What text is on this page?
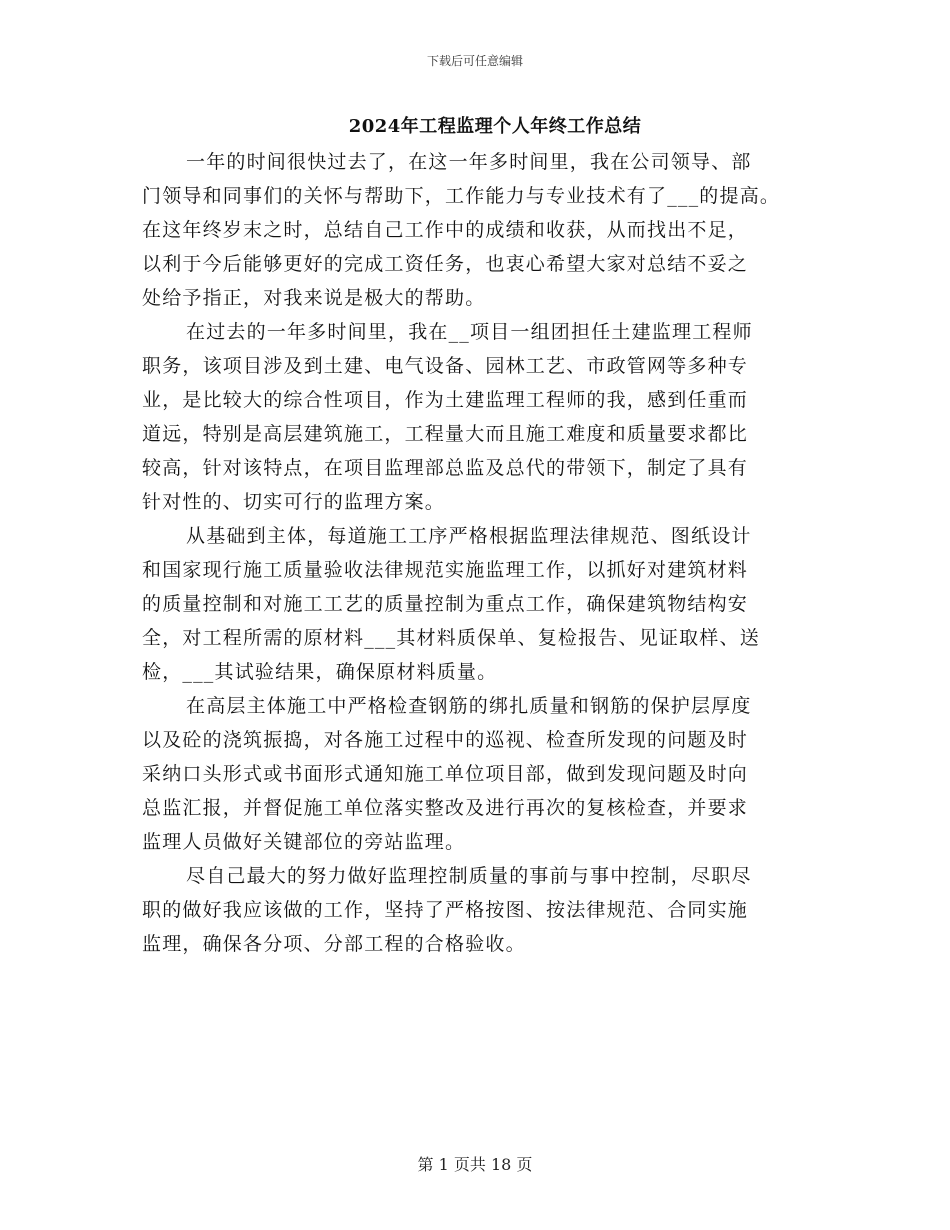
下载后可任意编辑
2024年工程监理个人年终工作总结
一年的时间很快过去了，在这一年多时间里，我在公司领导、部
门领导和同事们的关怀与帮助下，工作能力与专业技术有了___的提高。
在这年终岁末之时，总结自己工作中的成绩和收获，从而找出不足，
以利于今后能够更好的完成工资任务，也衷心希望大家对总结不妥之
处给予指正，对我来说是极大的帮助。
在过去的一年多时间里，我在__项目一组团担任土建监理工程师
职务，该项目涉及到土建、电气设备、园林工艺、市政管网等多种专
业，是比较大的综合性项目，作为土建监理工程师的我，感到任重而
道远，特别是高层建筑施工，工程量大而且施工难度和质量要求都比
较高，针对该特点，在项目监理部总监及总代的带领下，制定了具有
针对性的、切实可行的监理方案。
从基础到主体，每道施工工序严格根据监理法律规范、图纸设计
和国家现行施工质量验收法律规范实施监理工作，以抓好对建筑材料
的质量控制和对施工工艺的质量控制为重点工作，确保建筑物结构安
全，对工程所需的原材料___其材料质保单、复检报告、见证取样、送
检，___其试验结果，确保原材料质量。
在高层主体施工中严格检查钢筋的绑扎质量和钢筋的保护层厚度
以及砼的浇筑振捣，对各施工过程中的巡视、检查所发现的问题及时
采纳口头形式或书面形式通知施工单位项目部，做到发现问题及时向
总监汇报，并督促施工单位落实整改及进行再次的复核检查，并要求
监理人员做好关键部位的旁站监理。
尽自己最大的努力做好监理控制质量的事前与事中控制，尽职尽
职的做好我应该做的工作，坚持了严格按图、按法律规范、合同实施
监理，确保各分项、分部工程的合格验收。
第 1 页共 18 页
